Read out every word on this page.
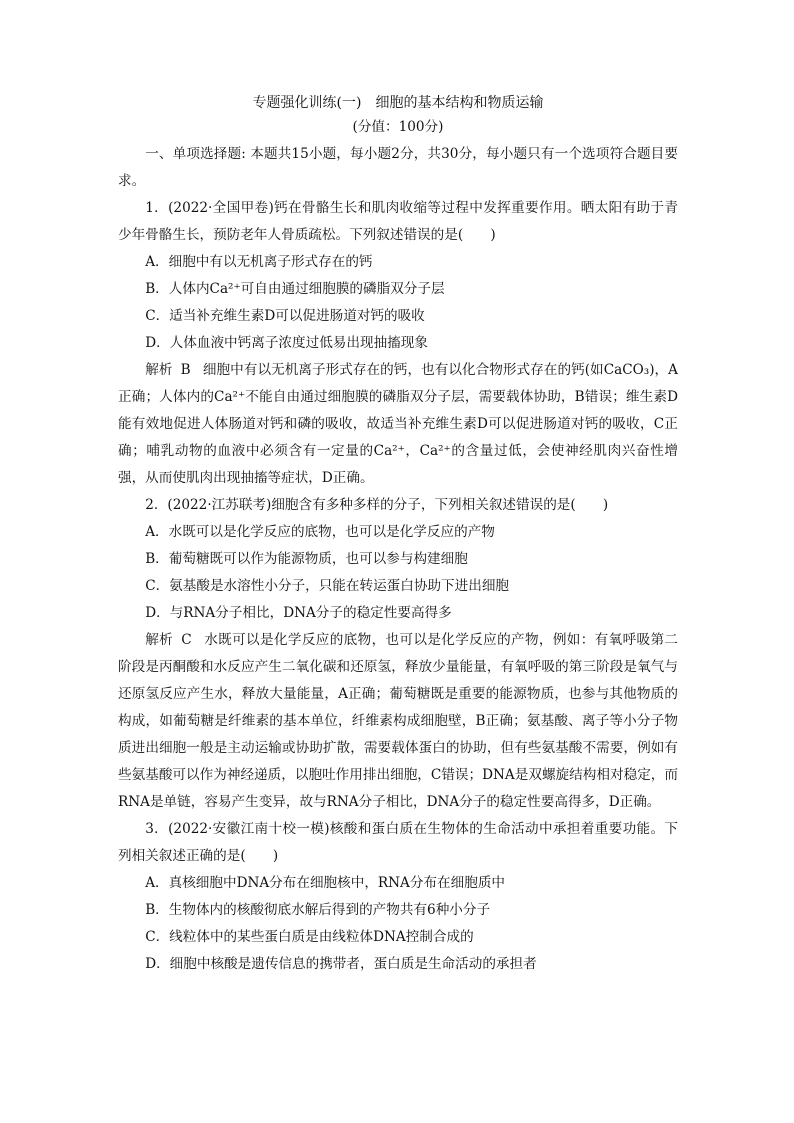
专题强化训练(一)　细胞的基本结构和物质运输

(分值：100分)

一、单项选择题: 本题共15小题，每小题2分，共30分，每小题只有一个选项符合题目要求。

1．(2022·全国甲卷)钙在骨骼生长和肌肉收缩等过程中发挥重要作用。晒太阳有助于青少年骨骼生长，预防老年人骨质疏松。下列叙述错误的是(　　)

A．细胞中有以无机离子形式存在的钙

B．人体内Ca²⁺可自由通过细胞膜的磷脂双分子层

C．适当补充维生素D可以促进肠道对钙的吸收

D．人体血液中钙离子浓度过低易出现抽搐现象

解析 B 细胞中有以无机离子形式存在的钙，也有以化合物形式存在的钙(如CaCO₃)，A正确；人体内的Ca²⁺不能自由通过细胞膜的磷脂双分子层，需要载体协助，B错误；维生素D能有效地促进人体肠道对钙和磷的吸收，故适当补充维生素D可以促进肠道对钙的吸收，C正确；哺乳动物的血液中必须含有一定量的Ca²⁺，Ca²⁺的含量过低，会使神经肌肉兴奋性增强，从而使肌肉出现抽搐等症状，D正确。

2．(2022·江苏联考)细胞含有多种多样的分子，下列相关叙述错误的是(　　)

A．水既可以是化学反应的底物，也可以是化学反应的产物

B．葡萄糖既可以作为能源物质，也可以参与构建细胞

C．氨基酸是水溶性小分子，只能在转运蛋白协助下进出细胞

D．与RNA分子相比，DNA分子的稳定性要高得多

解析 C 水既可以是化学反应的底物，也可以是化学反应的产物，例如：有氧呼吸第二阶段是丙酮酸和水反应产生二氧化碳和还原氢，释放少量能量，有氧呼吸的第三阶段是氧气与还原氢反应产生水，释放大量能量，A正确；葡萄糖既是重要的能源物质，也参与其他物质的构成，如葡萄糖是纤维素的基本单位，纤维素构成细胞壁，B正确；氨基酸、离子等小分子物质进出细胞一般是主动运输或协助扩散，需要载体蛋白的协助，但有些氨基酸不需要，例如有些氨基酸可以作为神经递质，以胞吐作用排出细胞，C错误；DNA是双螺旋结构相对稳定，而RNA是单链，容易产生变异，故与RNA分子相比，DNA分子的稳定性要高得多，D正确。

3．(2022·安徽江南十校一模)核酸和蛋白质在生物体的生命活动中承担着重要功能。下列相关叙述正确的是(　　)

A．真核细胞中DNA分布在细胞核中，RNA分布在细胞质中

B．生物体内的核酸彻底水解后得到的产物共有6种小分子

C．线粒体中的某些蛋白质是由线粒体DNA控制合成的

D．细胞中核酸是遗传信息的携带者，蛋白质是生命活动的承担者
